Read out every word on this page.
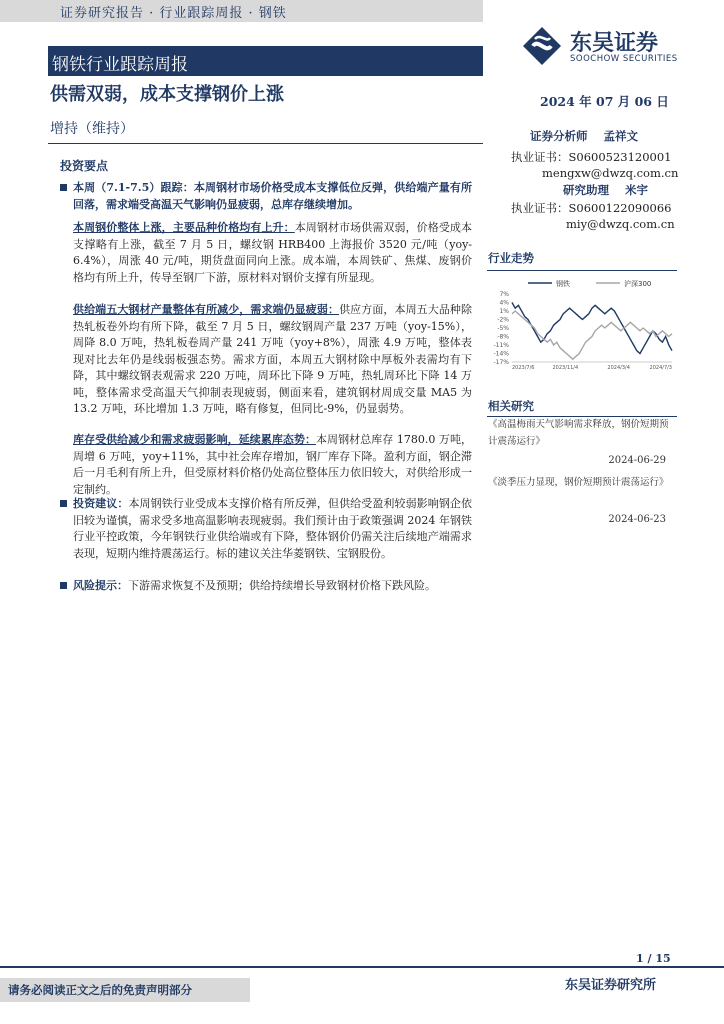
证券研究报告 · 行业跟踪周报 · 钢铁
钢铁行业跟踪周报
东吴证券
SOOCHOW SECURITIES
供需双弱，成本支撑钢价上涨	2024 年 07 月 06 日
增持（维持）	证券分析师 孟祥文
执业证书：S0600523120001
mengxw@dwzq.com.cn
研究助理 米宇
执业证书：S0600122090066
miy@dwzq.com.cn
行业走势
钢铁	沪深300
7%
4%
1%
-2%
-5%
-8%
-11%
-14%
-17%
2023/7/6	2023/11/4	2024/3/4	2024/7/3
相关研究
《高温梅雨天气影响需求释放，钢价短期预计震荡运行》
2024-06-29
《淡季压力显现，钢价短期预计震荡运行》
2024-06-23
投资要点
本周（7.1-7.5）跟踪：本周钢材市场价格受成本支撑低位反弹，供给端产量有所回落，需求端受高温天气影响仍显疲弱，总库存继续增加。
本周钢价整体上涨，主要品种价格均有上升：本周钢材市场供需双弱，价格受成本支撑略有上涨，截至 7 月 5 日，螺纹钢 HRB400 上海报价 3520 元/吨（yoy-6.4%），周涨 40 元/吨，期货盘面同向上涨。成本端，本周铁矿、焦煤、废钢价格均有所上升，传导至钢厂下游，原材料对钢价支撑有所显现。
供给端五大钢材产量整体有所减少，需求端仍显疲弱：供应方面，本周五大品种除热轧板卷外均有所下降，截至 7 月 5 日，螺纹钢周产量 237 万吨（yoy-15%），周降 8.0 万吨，热轧板卷周产量 241 万吨（yoy+8%），周涨 4.9 万吨，整体表现对比去年仍是线弱板强态势。需求方面，本周五大钢材除中厚板外表需均有下降，其中螺纹钢表观需求 220 万吨，周环比下降 9 万吨，热轧周环比下降 14 万吨，整体需求受高温天气抑制表现疲弱，侧面来看，建筑钢材周成交量 MA5 为 13.2 万吨，环比增加 1.3 万吨，略有修复，但同比-9%，仍显弱势。
库存受供给减少和需求疲弱影响，延续累库态势：本周钢材总库存 1780.0 万吨，周增 6 万吨，yoy+11%，其中社会库存增加，钢厂库存下降。盈利方面，钢企滞后一月毛利有所上升，但受原材料价格仍处高位整体压力依旧较大，对供给形成一定制约。
投资建议：本周钢铁行业受成本支撑价格有所反弹，但供给受盈利较弱影响钢企依旧较为谨慎，需求受多地高温影响表现疲弱。我们预计由于政策强调 2024 年钢铁行业平控政策，今年钢铁行业供给端或有下降，整体钢价仍需关注后续地产端需求表现，短期内维持震荡运行。标的建议关注华菱钢铁、宝钢股份。
风险提示：下游需求恢复不及预期；供给持续增长导致钢材价格下跌风险。
1 / 15
请务必阅读正文之后的免责声明部分	东吴证券研究所
